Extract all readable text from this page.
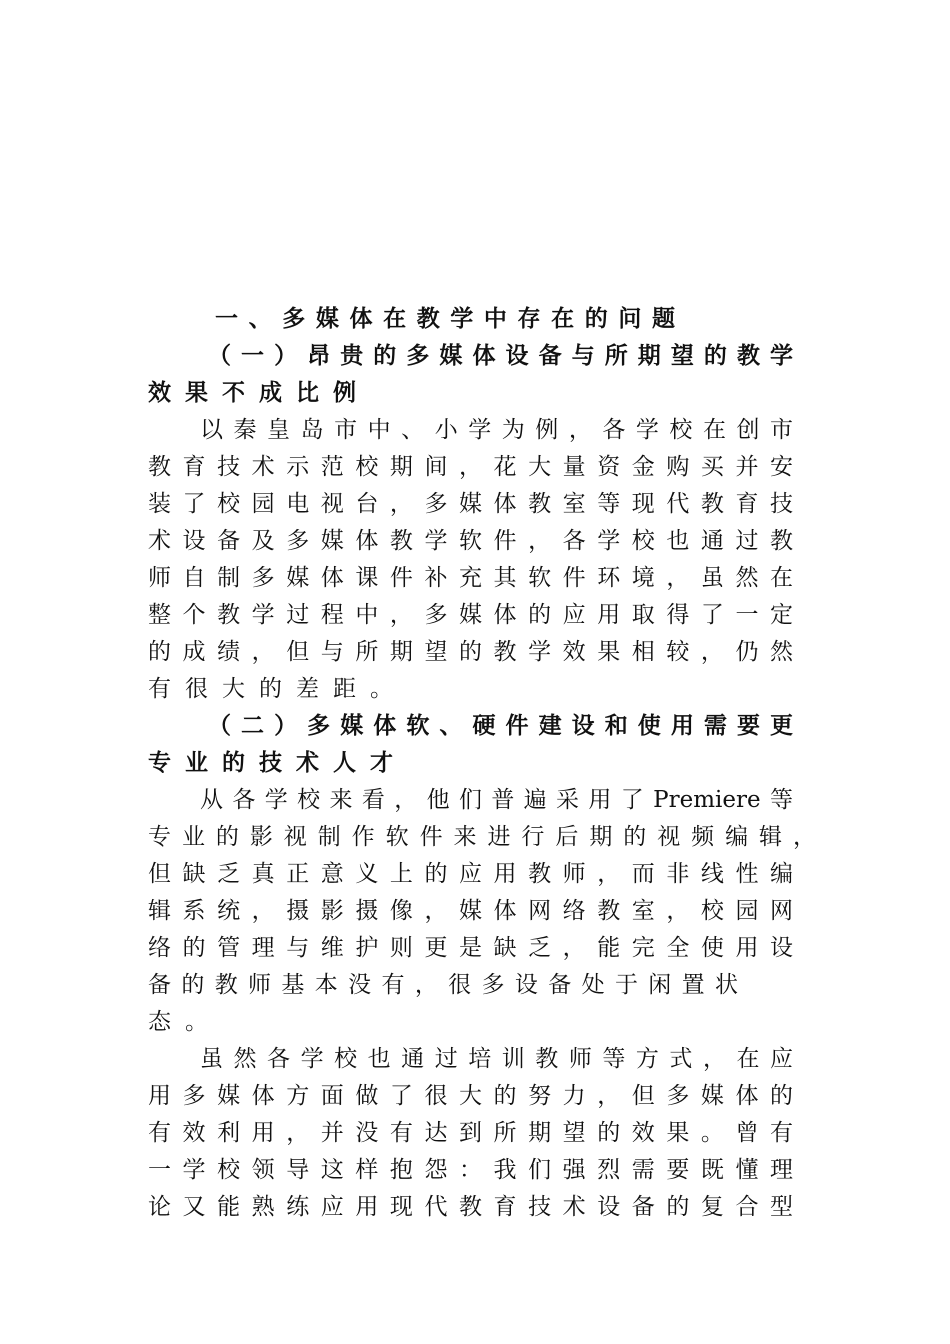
一、多媒体在教学中存在的问题
（一）昂贵的多媒体设备与所期望的教学
效果不成比例
以秦皇岛市中、小学为例，各学校在创市
教育技术示范校期间，花大量资金购买并安
装了校园电视台，多媒体教室等现代教育技
术设备及多媒体教学软件，各学校也通过教
师自制多媒体课件补充其软件环境，虽然在
整个教学过程中，多媒体的应用取得了一定
的成绩，但与所期望的教学效果相较，仍然
有很大的差距。
（二）多媒体软、硬件建设和使用需要更
专业的技术人才
从各学校来看，他们普遍采用了Premiere等
专业的影视制作软件来进行后期的视频编辑，
但缺乏真正意义上的应用教师，而非线性编
辑系统，摄影摄像，媒体网络教室，校园网
络的管理与维护则更是缺乏，能完全使用设
备的教师基本没有，很多设备处于闲置状
态。
虽然各学校也通过培训教师等方式，在应
用多媒体方面做了很大的努力，但多媒体的
有效利用，并没有达到所期望的效果。曾有
一学校领导这样抱怨：我们强烈需要既懂理
论又能熟练应用现代教育技术设备的复合型
